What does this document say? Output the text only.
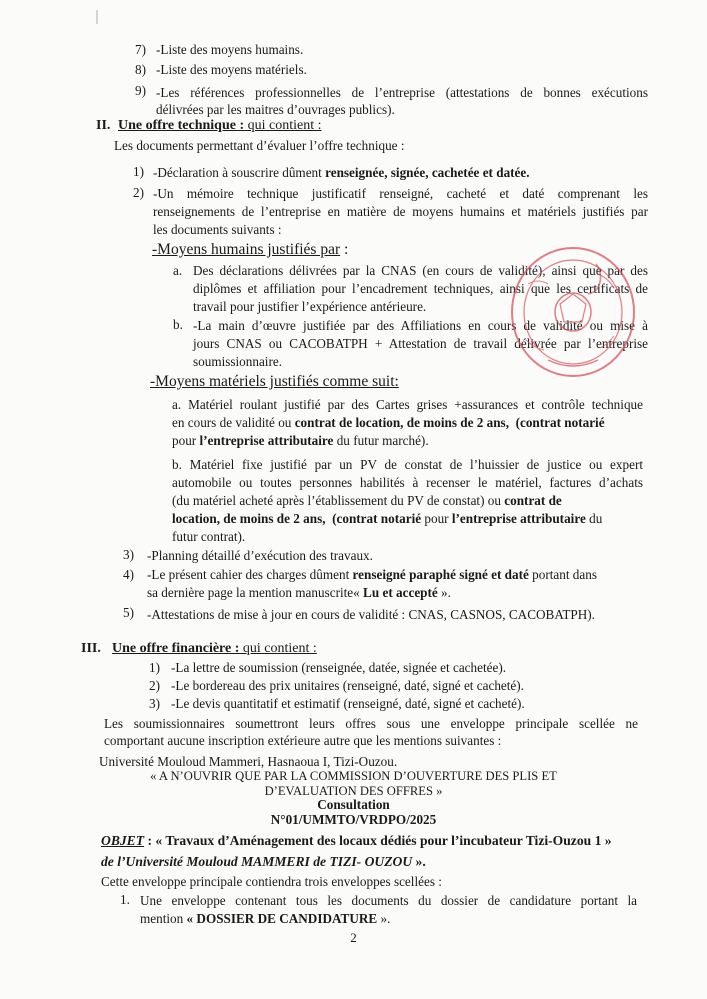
7) -Liste des moyens humains.
8) -Liste des moyens matériels.
9) -Les références professionnelles de l’entreprise (attestations de bonnes exécutions
délivrées par les maitres d’ouvrages publics).
II. Une offre technique : qui contient :
Les documents permettant d’évaluer l’offre technique :
1) -Déclaration à souscrire dûment renseignée, signée, cachetée et datée.
2) -Un mémoire technique justificatif renseigné, cacheté et daté comprenant les
renseignements de l’entreprise en matière de moyens humains et matériels justifiés par
les documents suivants :
-Moyens humains justifiés par :
a. Des déclarations délivrées par la CNAS (en cours de validité), ainsi que par des
diplômes et affiliation pour l’encadrement techniques, ainsi que les certificats de
travail pour justifier l’expérience antérieure.
b. -La main d’œuvre justifiée par des Affiliations en cours de validité ou mise à
jours CNAS ou CACOBATPH + Attestation de travail délivrée par l’entreprise
soumissionnaire.
-Moyens matériels justifiés comme suit:
a. Matériel roulant justifié par des Cartes grises +assurances et contrôle technique
en cours de validité ou contrat de location, de moins de 2 ans, (contrat notarié
pour l’entreprise attributaire du futur marché).
b. Matériel fixe justifié par un PV de constat de l’huissier de justice ou expert
automobile ou toutes personnes habilités à recenser le matériel, factures d’achats
(du matériel acheté après l’établissement du PV de constat) ou contrat de
location, de moins de 2 ans, (contrat notarié pour l’entreprise attributaire du
futur contrat).
3) -Planning détaillé d’exécution des travaux.
4) -Le présent cahier des charges dûment renseigné paraphé signé et daté portant dans
sa dernière page la mention manuscrite« Lu et accepté ».
5) -Attestations de mise à jour en cours de validité : CNAS, CASNOS, CACOBATPH).
III. Une offre financière : qui contient :
1) -La lettre de soumission (renseignée, datée, signée et cachetée).
2) -Le bordereau des prix unitaires (renseigné, daté, signé et cacheté).
3) -Le devis quantitatif et estimatif (renseigné, daté, signé et cacheté).
Les soumissionnaires soumettront leurs offres sous une enveloppe principale scellée ne
comportant aucune inscription extérieure autre que les mentions suivantes :
Université Mouloud Mammeri, Hasnaoua I, Tizi-Ouzou.
« A N’OUVRIR QUE PAR LA COMMISSION D’OUVERTURE DES PLIS ET
D’EVALUATION DES OFFRES »
Consultation
N°01/UMMTO/VRDPO/2025
OBJET : « Travaux d’Aménagement des locaux dédiés pour l’incubateur Tizi-Ouzou 1 »
de l’Université Mouloud MAMMERI de TIZI- OUZOU ».
Cette enveloppe principale contiendra trois enveloppes scellées :
1. Une enveloppe contenant tous les documents du dossier de candidature portant la
mention « DOSSIER DE CANDIDATURE ».
2
